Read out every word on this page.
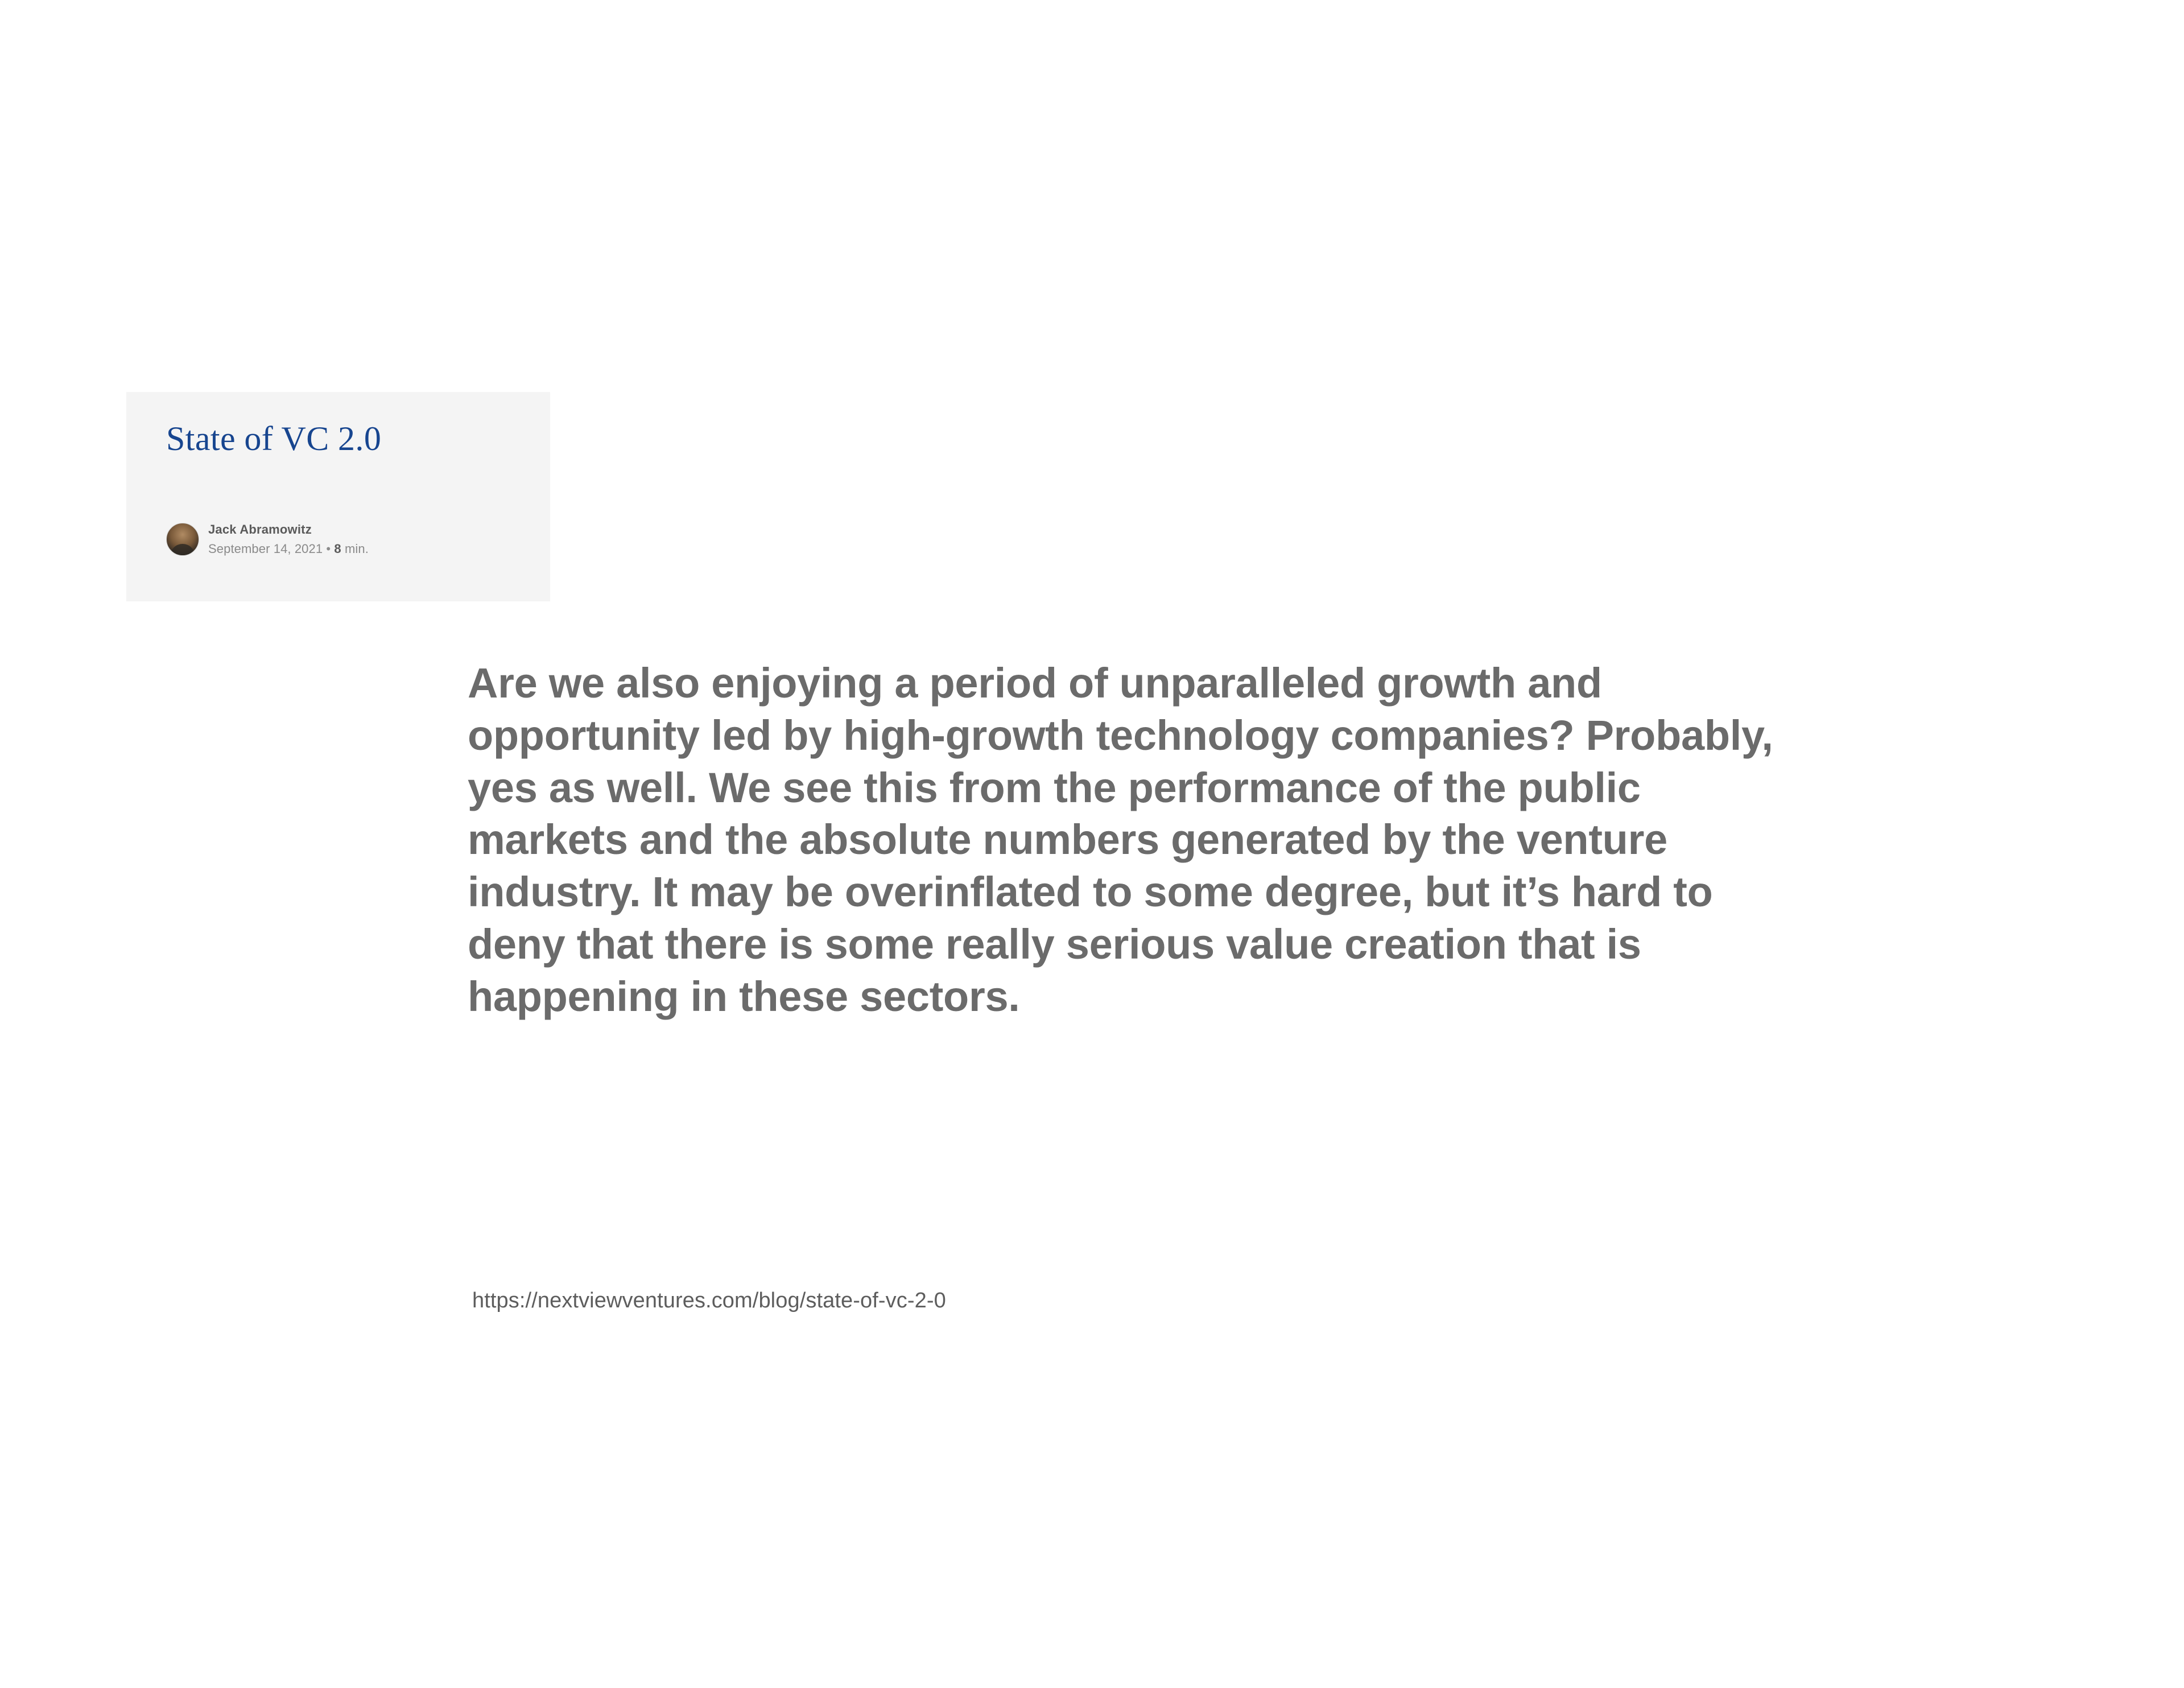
State of VC 2.0
Jack Abramowitz
September 14, 2021 • 8 min.
Are we also enjoying a period of unparalleled growth and opportunity led by high-growth technology companies? Probably, yes as well. We see this from the performance of the public markets and the absolute numbers generated by the venture industry. It may be overinflated to some degree, but it’s hard to deny that there is some really serious value creation that is happening in these sectors.
https://nextviewventures.com/blog/state-of-vc-2-0
